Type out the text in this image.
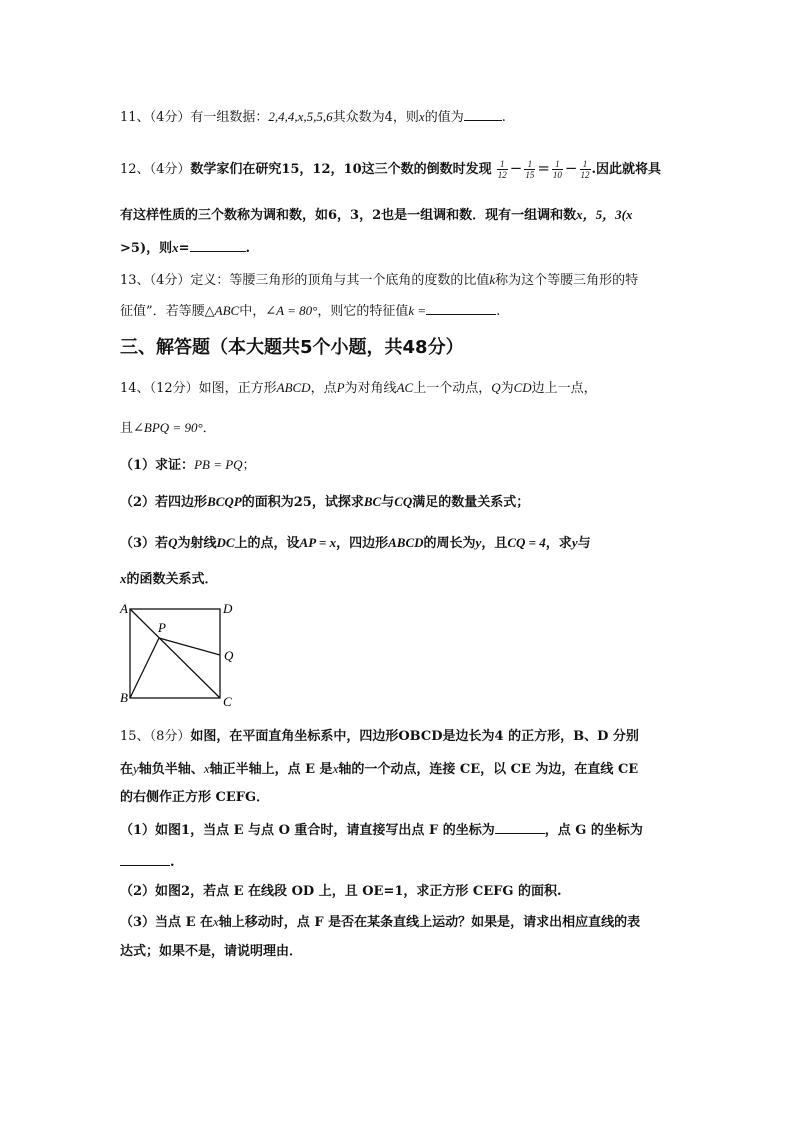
11、（4分）有一组数据：2,4,4,x,5,5,6其众数为4，则x的值为	.
12、（4分）数学家们在研究15，12，10这三个数的倒数时发现 $\frac{1}{12} - \frac{1}{15} = \frac{1}{10} - \frac{1}{12}$ .因此就将具
有这样性质的三个数称为调和数，如6，3，2也是一组调和数．现有一组调和数x，5，3(x
>5)，则x=	.
13、（4分）定义：等腰三角形的顶角与其一个底角的度数的比值k称为这个等腰三角形的特
征值”．若等腰△ABC中，∠A = 80°，则它的特征值k =	.
三、解答题（本大题共5个小题，共48分）
14、（12分）如图，正方形ABCD，点P为对角线AC上一个动点，Q为CD边上一点，
且∠BPQ = 90°．
（1）求证：PB = PQ；
（2）若四边形BCQP的面积为25，试探求BC与CQ满足的数量关系式；
（3）若Q为射线DC上的点，设AP = x，四边形ABCD的周长为y，且CQ = 4，求y与
x的函数关系式．
A	D
P
Q
B	C
15、（8分）如图，在平面直角坐标系中，四边形OBCD是边长为4 的正方形，B、D 分别
在y轴负半轴、x轴正半轴上，点 E 是x轴的一个动点，连接 CE，以 CE 为边，在直线 CE
的右侧作正方形 CEFG．
（1）如图1，当点 E 与点 O 重合时，请直接写出点 F 的坐标为	，点 G 的坐标为
.
（2）如图2，若点 E 在线段 OD 上，且 OE=1，求正方形 CEFG 的面积.
（3）当点 E 在x轴上移动时，点 F 是否在某条直线上运动？如果是，请求出相应直线的表
达式；如果不是，请说明理由．
